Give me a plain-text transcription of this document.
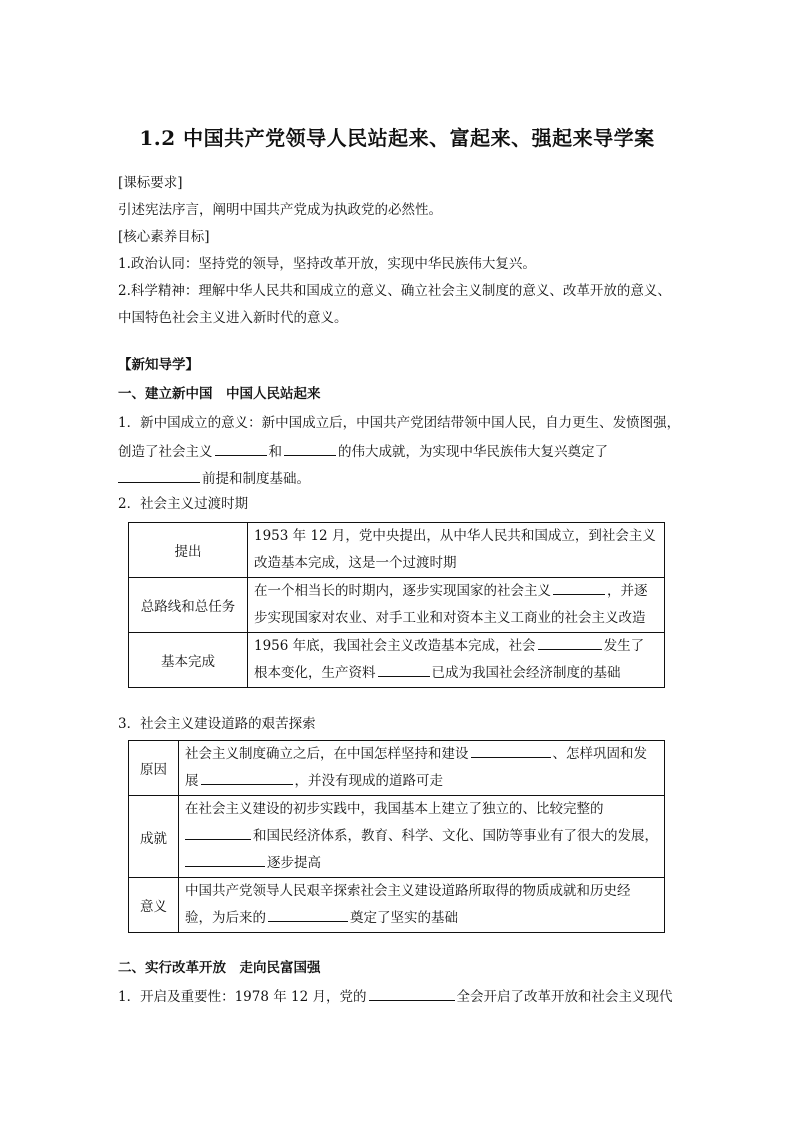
1.2 中国共产党领导人民站起来、富起来、强起来导学案
[课标要求]
引述宪法序言，阐明中国共产党成为执政党的必然性。
[核心素养目标]
1.政治认同：坚持党的领导，坚持改革开放，实现中华民族伟大复兴。
2.科学精神：理解中华人民共和国成立的意义、确立社会主义制度的意义、改革开放的意义、
中国特色社会主义进入新时代的意义。
【新知导学】
一、建立新中国　中国人民站起来
1．新中国成立的意义：新中国成立后，中国共产党团结带领中国人民，自力更生、发愤图强，
创造了社会主义	和	的伟大成就，为实现中华民族伟大复兴奠定了
前提和制度基础。
2．社会主义过渡时期
提出	1953 年 12 月，党中央提出，从中华人民共和国成立，到社会主义
改造基本完成，这是一个过渡时期

总路线和总任务	在一个相当长的时期内，逐步实现国家的社会主义 ，并逐
步实现国家对农业、对手工业和对资本主义工商业的社会主义改造

基本完成	1956 年底，我国社会主义改造基本完成，社会 发生了
根本变化，生产资料 已成为我国社会经济制度的基础
3．社会主义建设道路的艰苦探索
原因	社会主义制度确立之后，在中国怎样坚持和建设 、怎样巩固和发
展 ，并没有现成的道路可走

成就	在社会主义建设的初步实践中，我国基本上建立了独立的、比较完整的
和国民经济体系，教育、科学、文化、国防等事业有了很大的发展，
逐步提高

意义	中国共产党领导人民艰辛探索社会主义建设道路所取得的物质成就和历史经
验，为后来的 奠定了坚实的基础
二、实行改革开放　走向民富国强
1．开启及重要性：1978 年 12 月，党的	全会开启了改革开放和社会主义现代
